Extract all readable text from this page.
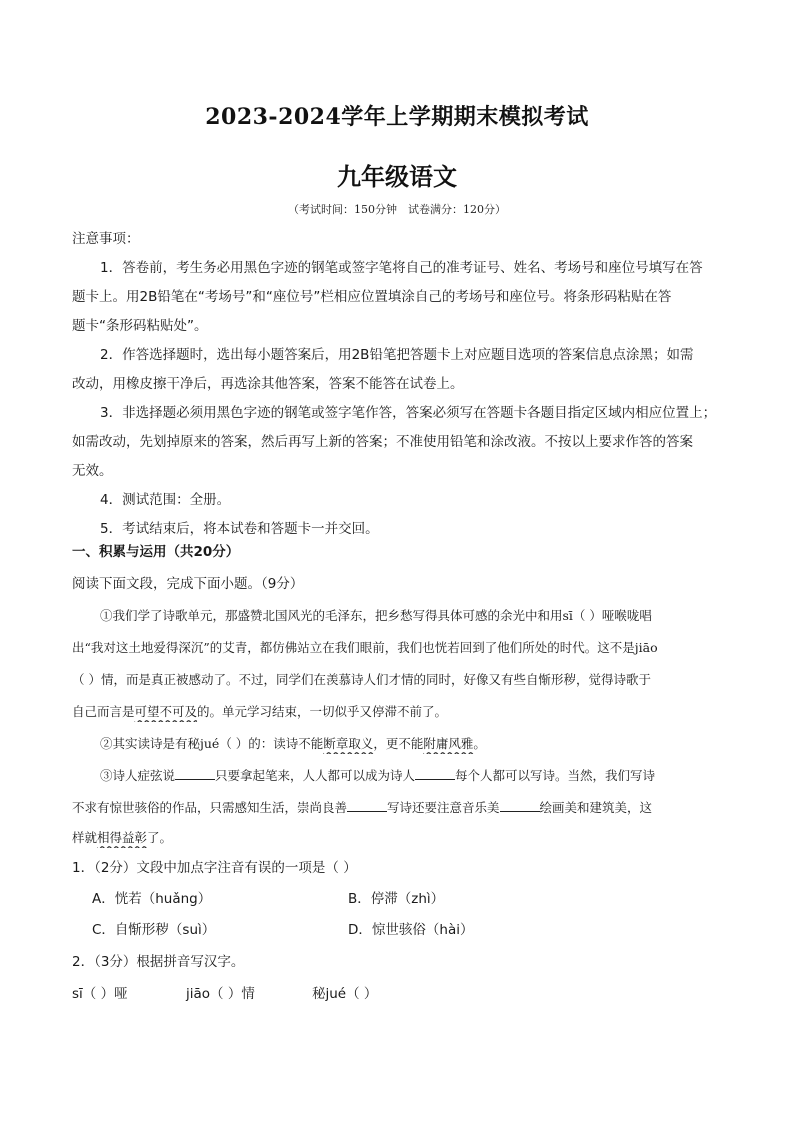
2023-2024学年上学期期末模拟考试
九年级语文
（考试时间：150分钟　试卷满分：120分）
注意事项：
1．答卷前，考生务必用黑色字迹的钢笔或签字笔将自己的准考证号、姓名、考场号和座位号填写在答
题卡上。用2B铅笔在“考场号”和“座位号”栏相应位置填涂自己的考场号和座位号。将条形码粘贴在答
题卡“条形码粘贴处”。
2．作答选择题时，选出每小题答案后，用2B铅笔把答题卡上对应题目选项的答案信息点涂黑；如需
改动，用橡皮擦干净后，再选涂其他答案，答案不能答在试卷上。
3．非选择题必须用黑色字迹的钢笔或签字笔作答，答案必须写在答题卡各题目指定区域内相应位置上；
如需改动，先划掉原来的答案，然后再写上新的答案；不准使用铅笔和涂改液。不按以上要求作答的答案
无效。
4．测试范围：全册。
5．考试结束后，将本试卷和答题卡一并交回。
一、积累与运用（共20分）
阅读下面文段，完成下面小题。（9分）
①我们学了诗歌单元，那盛赞北国风光的毛泽东，把乡愁写得具体可感的余光中和用sī（ ）哑喉咙唱
出“我对这土地爱得深沉”的艾青，都仿佛站立在我们眼前，我们也恍若回到了他们所处的时代。这不是jiāo
（ ）情，而是真正被感动了。不过，同学们在羡慕诗人们才情的同时，好像又有些自惭形秽，觉得诗歌于
自己而言是可望不可及的。单元学习结束，一切似乎又停滞不前了。
②其实读诗是有秘jué（ ）的：读诗不能断章取义，更不能附庸风雅。
③诗人症弦说	只要拿起笔来，人人都可以成为诗人	每个人都可以写诗。当然，我们写诗
不求有惊世骇俗的作品，只需感知生活，崇尚良善	写诗还要注意音乐美	绘画美和建筑美，这
样就相得益彰了。
1．（2分）文段中加点字注音有误的一项是（ ）
A．恍若（huǎng）	B．停滞（zhì）
C．自惭形秽（suì）	D．惊世骇俗（hài）
2．（3分）根据拼音写汉字。
sī（ ）哑	jiāo（ ）情	秘jué（ ）
